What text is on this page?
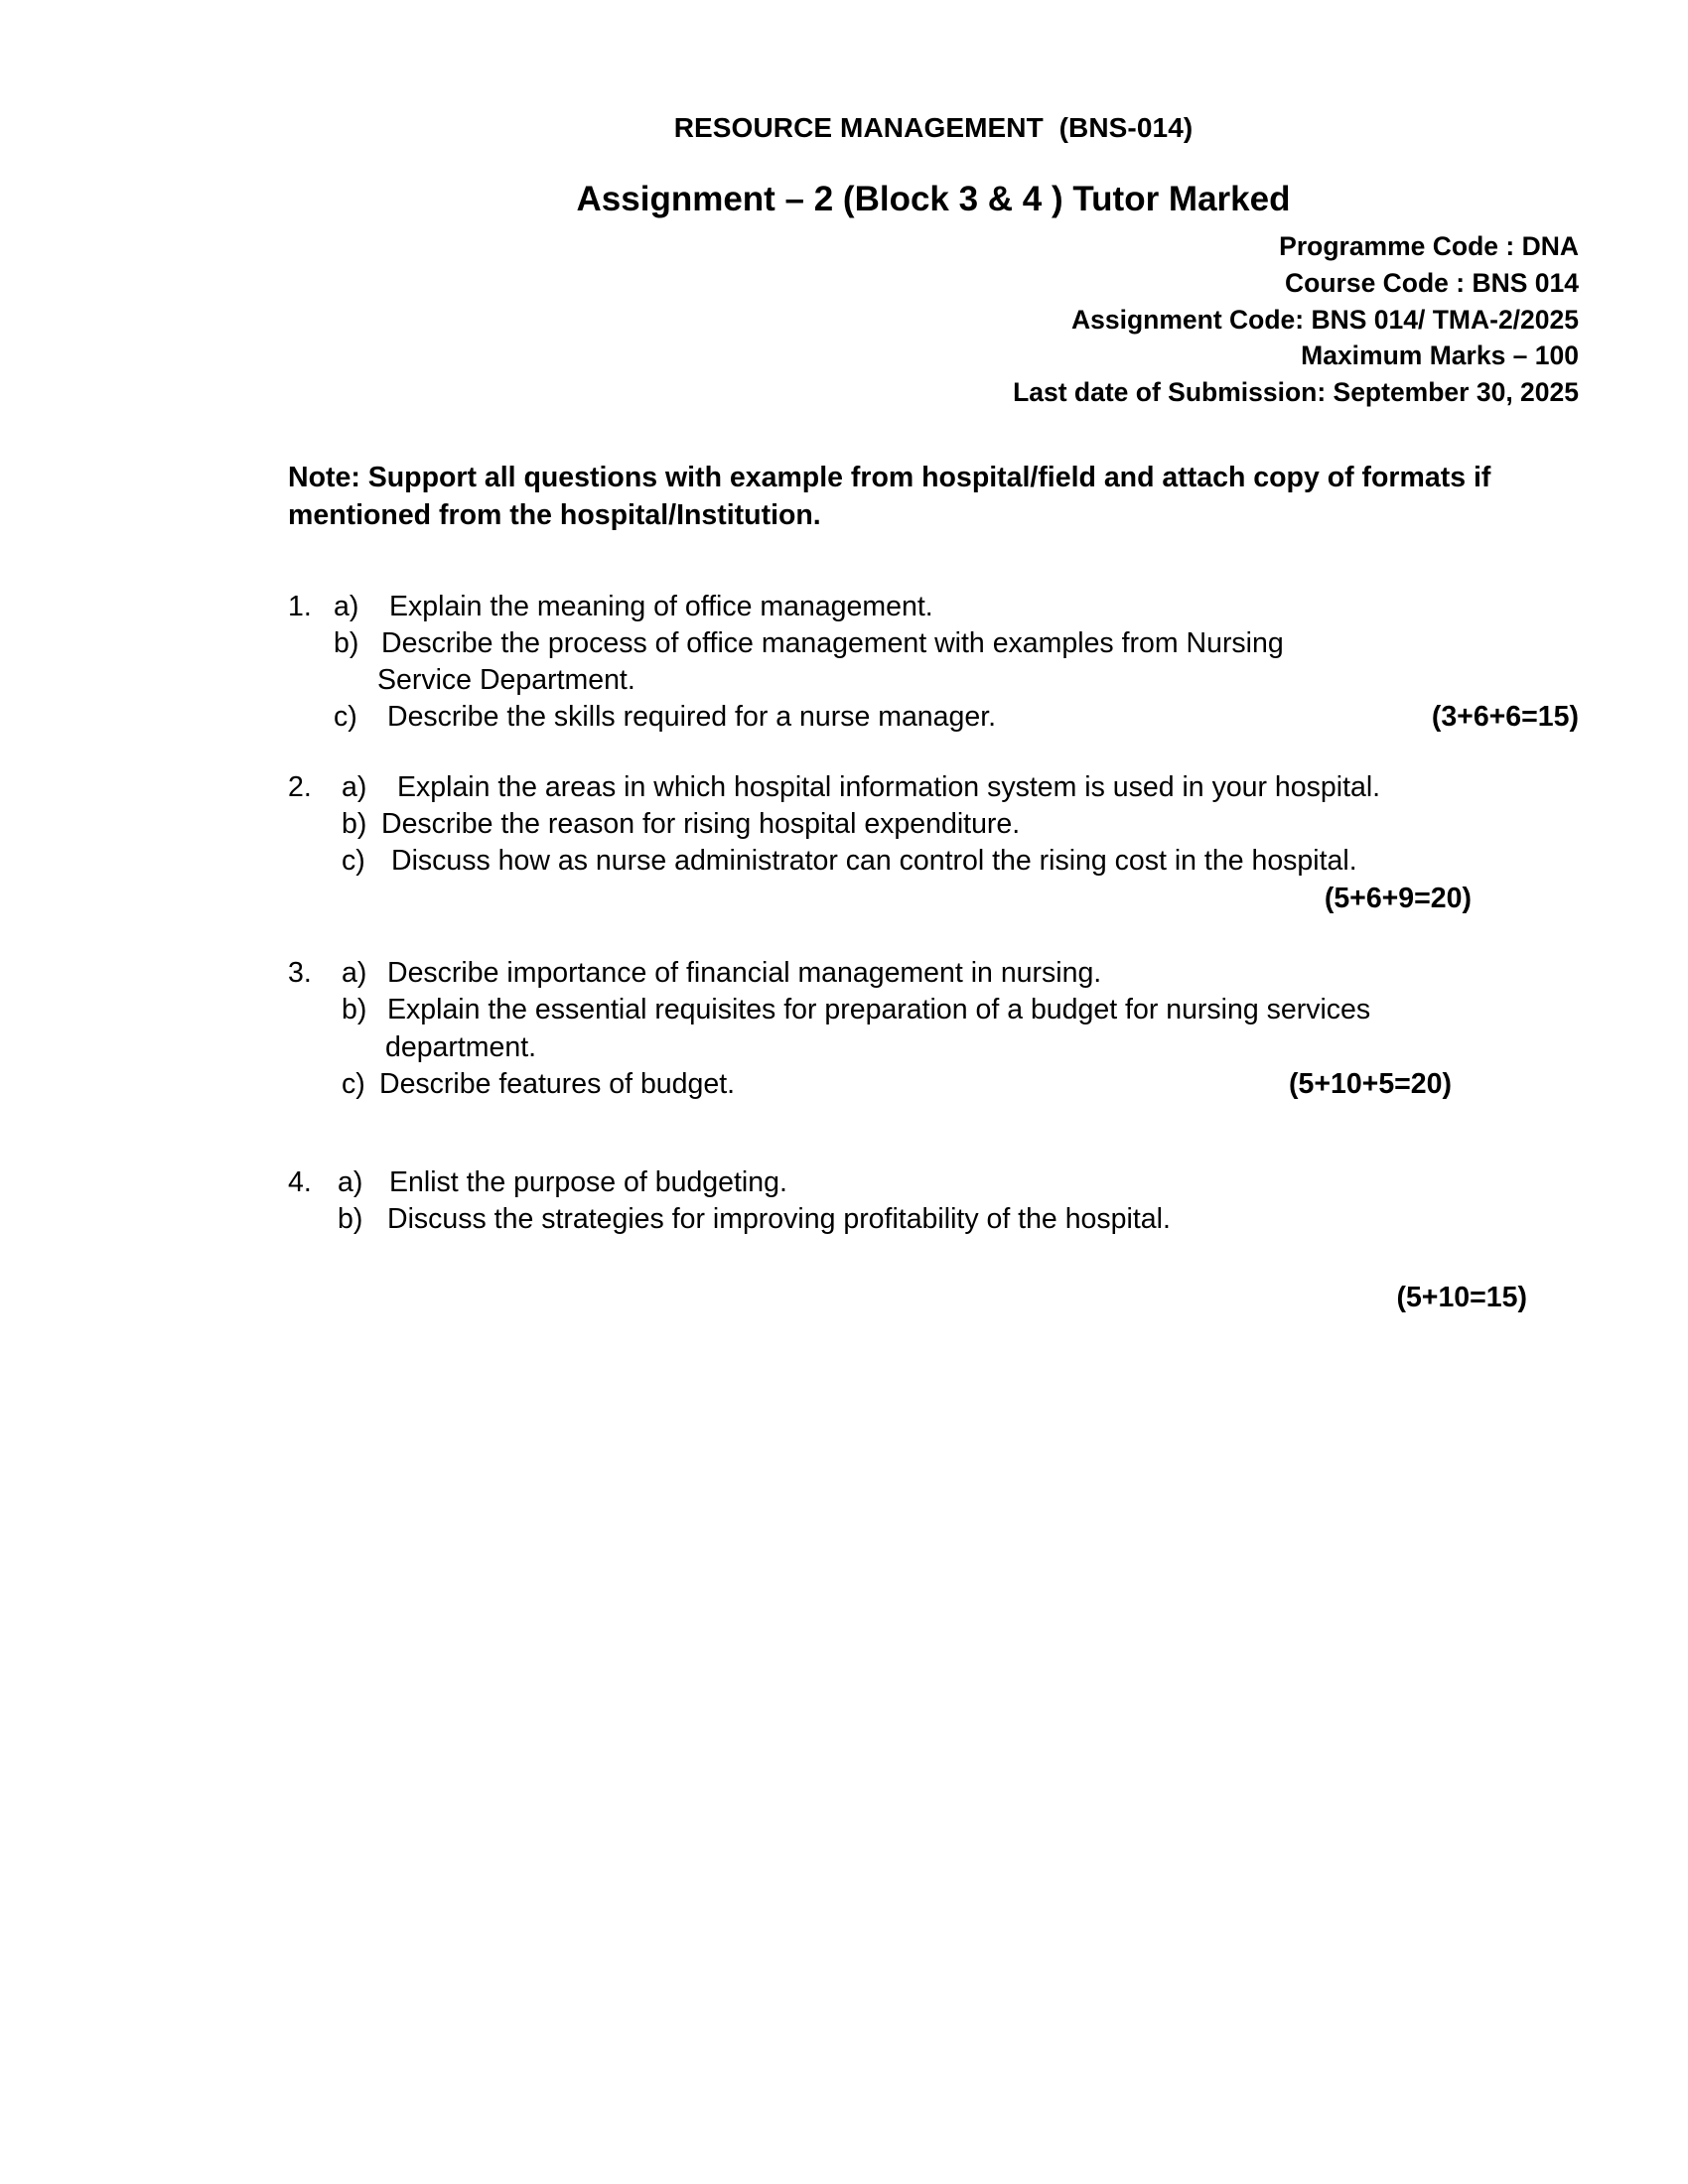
RESOURCE MANAGEMENT  (BNS-014)
Assignment – 2 (Block 3 & 4 ) Tutor Marked
Programme Code : DNA
Course Code : BNS 014
Assignment Code: BNS 014/ TMA-2/2025
Maximum Marks – 100
Last date of Submission: September 30, 2025

Note: Support all questions with example from hospital/field and attach copy of formats if mentioned from the hospital/Institution.

1. a)	Explain the meaning of office management.
b) Describe the process of office management with examples from Nursing
Service Department.
c)	Describe the skills required for a nurse manager.	(3+6+6=15)
2.	a)	Explain the areas in which hospital information system is used in your hospital.
b) Describe the reason for rising hospital expenditure.
c) Discuss how as nurse administrator can control the rising cost in the hospital.
(5+6+9=20)
3.	a) Describe importance of financial management in nursing.
b) Explain the essential requisites for preparation of a budget for nursing services
department.
c) Describe features of budget.	(5+10+5=20)
4. a) Enlist the purpose of budgeting.
b) Discuss the strategies for improving profitability of the hospital.
(5+10=15)
